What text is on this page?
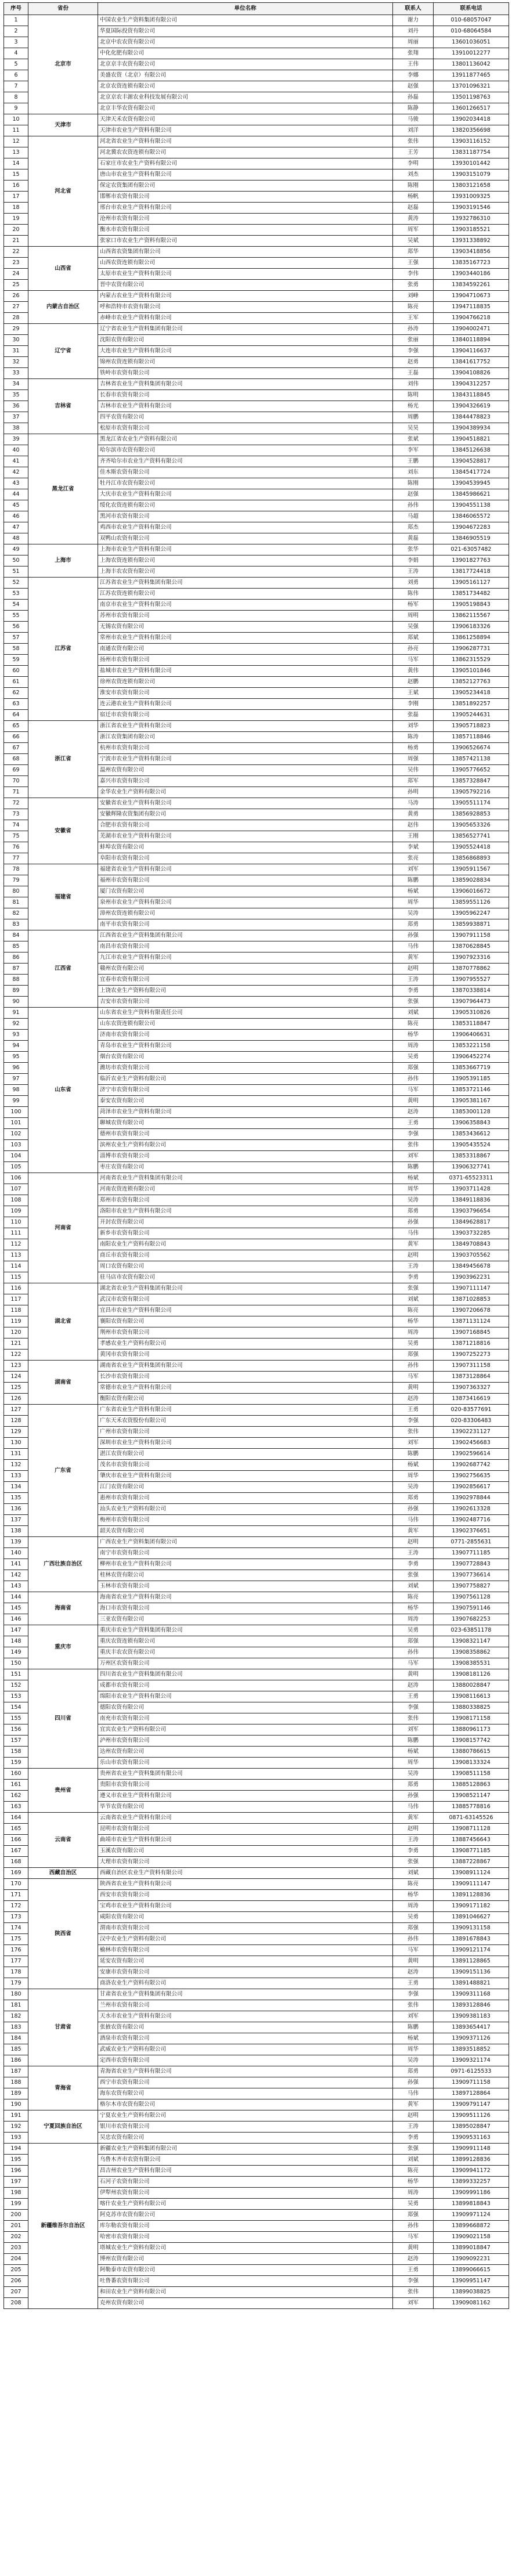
序号	省份	单位名称	联系人	联系电话
1	北京市	中国农业生产资料集团有限公司	谢力	010-68057047
2		华夏国际投资有限公司	刘丹	010-68064584
3		北京中农农资有限公司	周丽	13601036051
4		中化化肥有限公司	张翔	13910012277
5		北京京丰农资有限公司	王伟	13801136042
6		美盛农资（北京）有限公司	李娜	13911877465
7		北京农资连锁有限公司	赵强	13701096321
8		北京京农丰源农业科技发展有限公司	孙磊	13501198763
9		北京丰华农资有限公司	陈静	13601266517
10	天津市	天津天禾农资有限公司	马骏	13902034418
11		天津市农业生产资料有限公司	刘洋	13820356698
12	河北省	河北省农业生产资料有限公司	张伟	13903116152
13		河北冀农农资连锁有限公司	王芳	13831187754
14		石家庄市农业生产资料有限公司	李明	13930101442
15		唐山市农业生产资料有限公司	刘杰	13903151079
16		保定农资集团有限公司	陈刚	13803121658
17		邯郸市农资有限公司	杨帆	13931009325
18		邢台市农业生产资料有限公司	赵磊	13903191546
19		沧州市农资有限公司	黄涛	13932786310
20		衡水市农资有限公司	周军	13903185521
21		张家口市农业生产资料有限公司	吴斌	13931338892
22	山西省	山西省农资集团有限公司	郑华	13903418856
23		山西农资连锁有限公司	王强	13835167723
24		太原市农业生产资料有限公司	李伟	13903440186
25		晋中农资有限公司	张勇	13834592261
26	内蒙古自治区	内蒙古农业生产资料有限公司	刘峰	13904710673
27		呼和浩特市农资有限公司	陈亮	13947118835
28		赤峰市农业生产资料有限公司	王军	13904766218
29	辽宁省	辽宁省农业生产资料集团有限公司	孙涛	13904002471
30		沈阳农资有限公司	张丽	13840118894
31		大连市农业生产资料有限公司	李强	13904116637
32		锦州农资连锁有限公司	赵勇	13841617752
33		铁岭市农资有限公司	王磊	13904108826
34	吉林省	吉林省农业生产资料集团有限公司	刘伟	13904312257
35		长春市农资有限公司	陈明	13843118845
36		吉林市农业生产资料有限公司	杨光	13904326619
37		四平农资有限公司	周鹏	13844478823
38		松原市农资有限公司	吴昊	13904389934
39	黑龙江省	黑龙江省农业生产资料有限公司	张斌	13904518821
40		哈尔滨市农资有限公司	李军	13845126638
41		齐齐哈尔市农业生产资料有限公司	王鹏	13904528817
42		佳木斯农资有限公司	刘东	13845417724
43		牡丹江市农资有限公司	陈刚	13904539945
44		大庆市农业生产资料有限公司	赵强	13845986621
45		绥化农资连锁有限公司	孙伟	13904551138
46		黑河市农资有限公司	马超	13846065572
47		鸡西市农业生产资料有限公司	郑杰	13904672283
48		双鸭山农资有限公司	黄磊	13846905519
49	上海市	上海市农业生产资料有限公司	张华	021-63057482
50		上海农资连锁有限公司	李娟	13901827763
51		上海丰农农资有限公司	王涛	13817724418
52	江苏省	江苏省农业生产资料集团有限公司	刘勇	13905161127
53		江苏农资连锁有限公司	陈伟	13851734482
54		南京市农业生产资料有限公司	杨军	13905198843
55		苏州市农资有限公司	周明	13862115567
56		无锡农资有限公司	吴强	13906183326
57		常州市农业生产资料有限公司	郑斌	13861258894
58		南通农资有限公司	孙亮	13906287731
59		扬州市农资有限公司	马军	13862315529
60		盐城市农业生产资料有限公司	黄伟	13905101846
61		徐州农资连锁有限公司	赵鹏	13852127763
62		淮安市农资有限公司	王斌	13905234418
63		连云港农业生产资料有限公司	李刚	13851892257
64		宿迁市农资有限公司	张磊	13905244631
65	浙江省	浙江省农业生产资料有限公司	刘华	13905718823
66		浙江农资集团有限公司	陈涛	13857118846
67		杭州市农资有限公司	杨勇	13906526674
68		宁波市农业生产资料有限公司	周强	13857421138
69		温州农资有限公司	吴伟	13905776652
70		嘉兴市农资有限公司	郑军	13857328847
71		金华农业生产资料有限公司	孙明	13905792216
72	安徽省	安徽省农业生产资料有限公司	马涛	13905511174
73		安徽辉隆农资集团有限公司	黄勇	13856928853
74		合肥市农资有限公司	赵伟	13905653326
75		芜湖市农业生产资料有限公司	王刚	13856527741
76		蚌埠农资有限公司	李斌	13905524418
77		阜阳市农资有限公司	张亮	13856868893
78	福建省	福建省农业生产资料有限公司	刘军	13905911567
79		福州市农资有限公司	陈鹏	13859028834
80		厦门农资有限公司	杨斌	13906016672
81		泉州市农业生产资料有限公司	周华	13859551126
82		漳州农资连锁有限公司	吴涛	13905962247
83		南平市农资有限公司	郑勇	13859938871
84	江西省	江西省农业生产资料集团有限公司	孙强	13907911158
85		南昌市农资有限公司	马伟	13870628845
86		九江市农业生产资料有限公司	黄军	13907923316
87		赣州农资有限公司	赵明	13870778862
88		宜春市农资有限公司	王涛	13907955527
89		上饶农业生产资料有限公司	李勇	13870338814
90		吉安市农资有限公司	张强	13907964473
91	山东省	山东省农业生产资料有限责任公司	刘斌	13905310826
92		山东农资连锁有限公司	陈亮	13853118847
93		济南市农资有限公司	杨华	13906406631
94		青岛市农业生产资料有限公司	周涛	13853221158
95		烟台农资有限公司	吴勇	13906452274
96		潍坊市农资有限公司	郑强	13853667719
97		临沂农业生产资料有限公司	孙伟	13905391185
98		济宁市农资有限公司	马军	13853721146
99		泰安农资有限公司	黄明	13905381167
100		菏泽市农业生产资料有限公司	赵涛	13853001128
101		聊城农资有限公司	王勇	13906358843
102		德州市农资有限公司	李强	13853436612
103		滨州农业生产资料有限公司	张伟	13905435524
104		淄博市农资有限公司	刘军	13853318867
105		枣庄农资有限公司	陈鹏	13906327741
106	河南省	河南省农业生产资料集团有限公司	杨斌	0371-65523311
107		河南农资连锁有限公司	周华	13903711428
108		郑州市农资有限公司	吴涛	13849118836
109		洛阳市农业生产资料有限公司	郑勇	13903796654
110		开封农资有限公司	孙强	13849628817
111		新乡市农资有限公司	马伟	13903732285
112		南阳农业生产资料有限公司	黄军	13849708843
113		商丘市农资有限公司	赵明	13903705562
114		周口农资有限公司	王涛	13849456678
115		驻马店市农资有限公司	李勇	13903962231
116	湖北省	湖北省农业生产资料集团有限公司	张强	13907111147
117		武汉市农资有限公司	刘斌	13871028853
118		宜昌市农业生产资料有限公司	陈亮	13907206678
119		襄阳农资有限公司	杨华	13871131124
120		荆州市农资有限公司	周涛	13907168845
121		孝感农业生产资料有限公司	吴勇	13871218816
122		黄冈市农资有限公司	郑强	13907252273
123	湖南省	湖南省农业生产资料集团有限公司	孙伟	13907311158
124		长沙市农资有限公司	马军	13873128864
125		常德市农业生产资料有限公司	黄明	13907363327
126		衡阳农资有限公司	赵涛	13873416619
127	广东省	广东省农业生产资料有限公司	王勇	020-83577691
128		广东天禾农资股份有限公司	李强	020-83306483
129		广州市农资有限公司	张伟	13902231127
130		深圳市农业生产资料有限公司	刘军	13902456683
131		湛江农资有限公司	陈鹏	13902596614
132		茂名市农资有限公司	杨斌	13902687742
133		肇庆市农业生产资料有限公司	周华	13902756635
134		江门农资有限公司	吴涛	13902856617
135		惠州市农资有限公司	郑勇	13902978844
136		汕头农业生产资料有限公司	孙强	13902613328
137		梅州市农资有限公司	马伟	13902487716
138		韶关农资有限公司	黄军	13902376651
139	广西壮族自治区	广西农业生产资料集团有限公司	赵明	0771-2855631
140		南宁市农资有限公司	王涛	13907711185
141		柳州市农业生产资料有限公司	李勇	13907728843
142		桂林农资有限公司	张强	13907736614
143		玉林市农资有限公司	刘斌	13907758827
144	海南省	海南省农业生产资料有限公司	陈亮	13907561128
145		海口市农资有限公司	杨华	13907591146
146		三亚农资有限公司	周涛	13907682253
147	重庆市	重庆市农业生产资料集团有限公司	吴勇	023-63851178
148		重庆农资连锁有限公司	郑强	13908321147
149		重庆丰农农资有限公司	孙伟	13908358862
150		万州区农资有限公司	马军	13908385531
151	四川省	四川省农业生产资料集团有限公司	黄明	13908181126
152		成都市农资有限公司	赵涛	13880028847
153		绵阳市农业生产资料有限公司	王勇	13908116613
154		德阳农资有限公司	李强	13880338825
155		南充市农资有限公司	张伟	13908171158
156		宜宾农业生产资料有限公司	刘军	13880961173
157		泸州市农资有限公司	陈鹏	13908157742
158		达州农资有限公司	杨斌	13880786615
159		乐山市农资有限公司	周华	13908133324
160	贵州省	贵州省农业生产资料集团有限公司	吴涛	13908511158
161		贵阳市农资有限公司	郑勇	13885128863
162		遵义市农业生产资料有限公司	孙强	13908521147
163		毕节农资有限公司	马伟	13885778816
164	云南省	云南省农业生产资料有限公司	黄军	0871-63145526
165		昆明市农资有限公司	赵明	13908711128
166		曲靖市农业生产资料有限公司	王涛	13887456643
167		玉溪农资有限公司	李勇	13908771185
168		大理市农资有限公司	张强	13887228867
169	西藏自治区	西藏自治区农业生产资料有限公司	刘斌	13908911124
170	陕西省	陕西省农业生产资料有限公司	陈亮	13909111147
171		西安市农资有限公司	杨华	13891128836
172		宝鸡市农业生产资料有限公司	周涛	13909171182
173		咸阳农资有限公司	吴勇	13891046627
174		渭南市农资有限公司	郑强	13909131158
175		汉中农业生产资料有限公司	孙伟	13891678843
176		榆林市农资有限公司	马军	13909121174
177		延安农资有限公司	黄明	13891128865
178		安康市农资有限公司	赵涛	13909151136
179		商洛农业生产资料有限公司	王勇	13891488821
180	甘肃省	甘肃省农业生产资料集团有限公司	李强	13909311168
181		兰州市农资有限公司	张伟	13893128846
182		天水市农业生产资料有限公司	刘军	13909381183
183		张掖农资有限公司	陈鹏	13893654417
184		酒泉市农资有限公司	杨斌	13909371126
185		武威农业生产资料有限公司	周华	13893518852
186		定西市农资有限公司	吴涛	13909321174
187	青海省	青海省农业生产资料有限公司	郑勇	0971-6125533
188		西宁市农资有限公司	孙强	13909711158
189		海东农资有限公司	马伟	13897128864
190		格尔木市农资有限公司	黄军	13909791147
191	宁夏回族自治区	宁夏农业生产资料有限公司	赵明	13909511126
192		银川市农资有限公司	王涛	13895028847
193		吴忠农资有限公司	李勇	13909531163
194	新疆维吾尔自治区	新疆农业生产资料集团有限公司	张强	13909911148
195		乌鲁木齐市农资有限公司	刘斌	13899128836
196		昌吉州农业生产资料有限公司	陈亮	13909941172
197		石河子农资有限公司	杨华	13899332257
198		伊犁州农资有限公司	周涛	13909991186
199		喀什农业生产资料有限公司	吴勇	13899818843
200		阿克苏市农资有限公司	郑强	13909971124
201		库尔勒农资有限公司	孙伟	13899668872
202		哈密市农资有限公司	马军	13909021158
203		塔城农业生产资料有限公司	黄明	13899018847
204		博州农资有限公司	赵涛	13909092231
205		阿勒泰市农资有限公司	王勇	13899066615
206		吐鲁番农资有限公司	李强	13909951147
207		和田农业生产资料有限公司	张伟	13899038825
208		克州农资有限公司	刘军	13909081162
